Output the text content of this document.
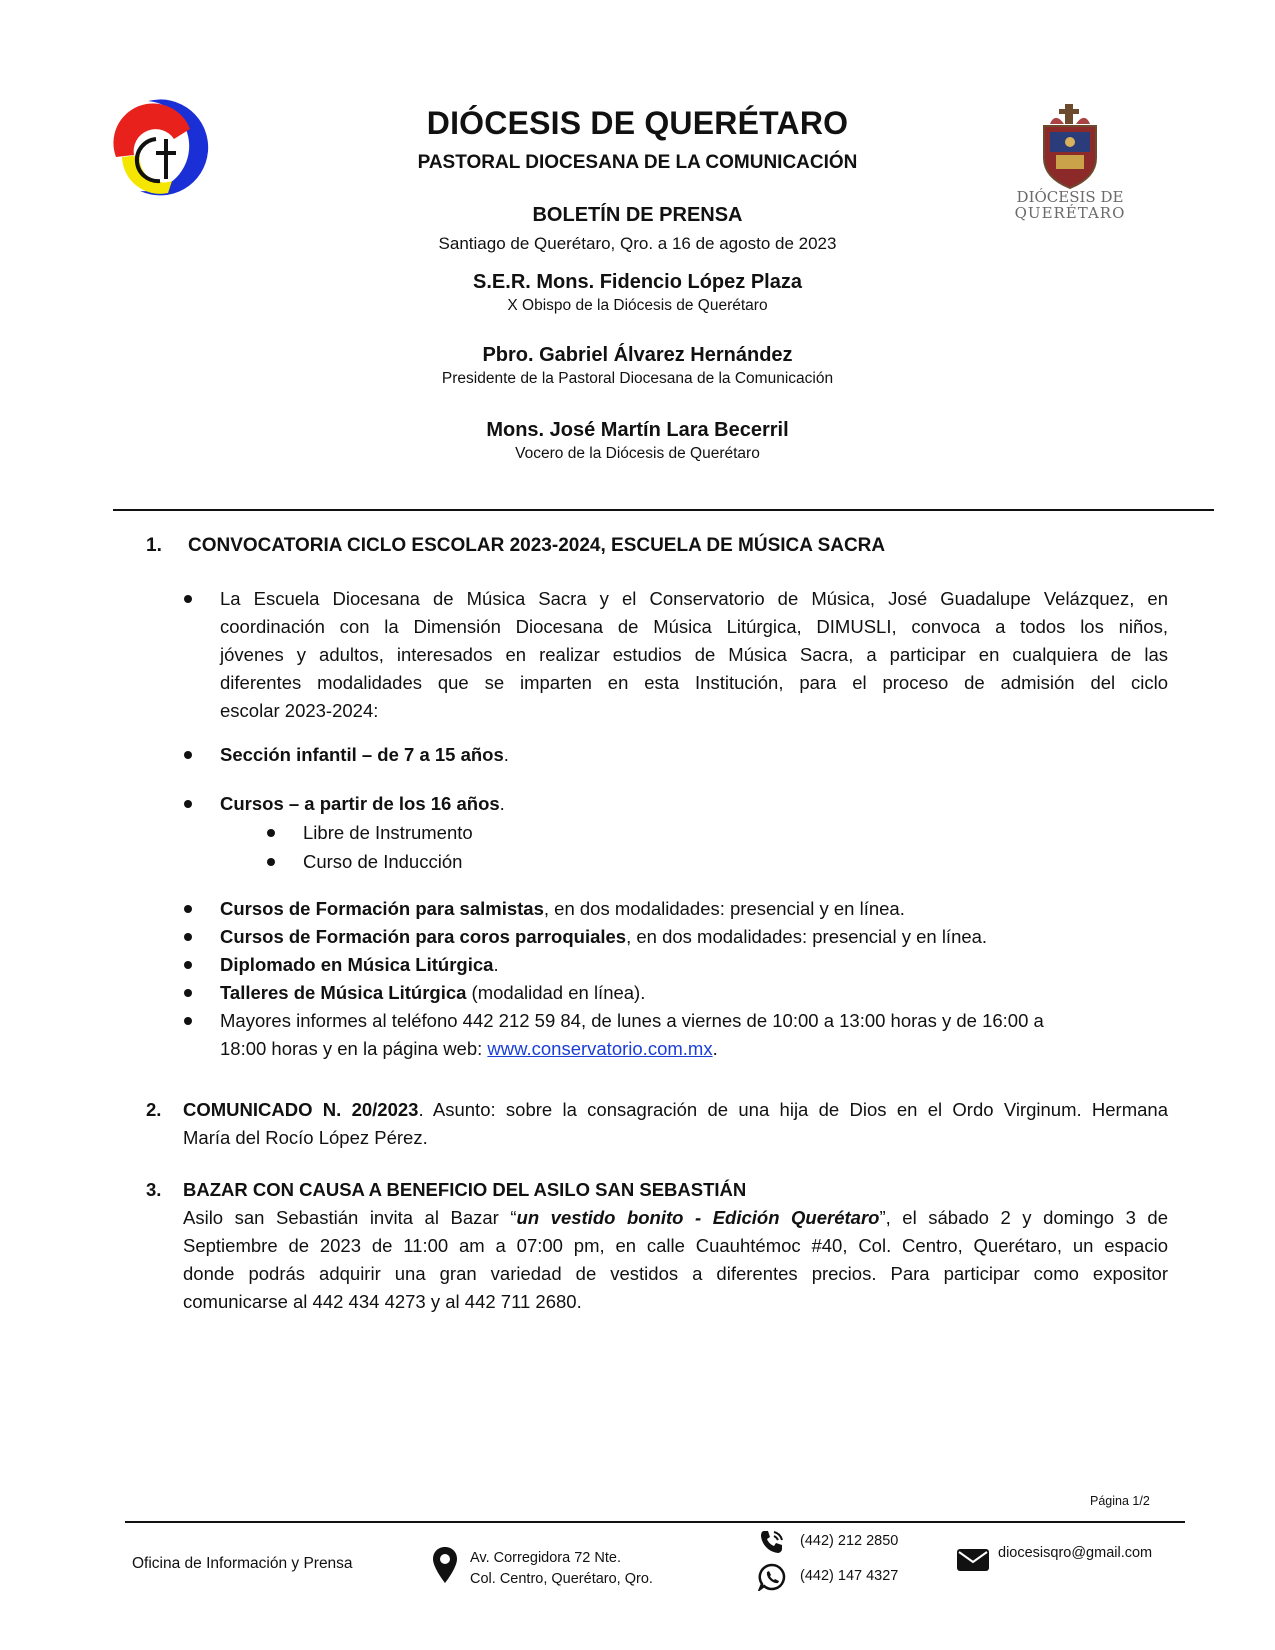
DIÓCESIS DE QUERÉTARO
PASTORAL DIOCESANA DE LA COMUNICACIÓN
DIÓCESIS DE
QUERÉTARO
BOLETÍN DE PRENSA
Santiago de Querétaro, Qro. a 16 de agosto de 2023
S.E.R. Mons. Fidencio López Plaza
X Obispo de la Diócesis de Querétaro
Pbro. Gabriel Álvarez Hernández
Presidente de la Pastoral Diocesana de la Comunicación
Mons. José Martín Lara Becerril
Vocero de la Diócesis de Querétaro
1. CONVOCATORIA CICLO ESCOLAR 2023-2024, ESCUELA DE MÚSICA SACRA
La Escuela Diocesana de Música Sacra y el Conservatorio de Música, José Guadalupe Velázquez, en
coordinación con la Dimensión Diocesana de Música Litúrgica, DIMUSLI, convoca a todos los niños,
jóvenes y adultos, interesados en realizar estudios de Música Sacra, a participar en cualquiera de las
diferentes modalidades que se imparten en esta Institución, para el proceso de admisión del ciclo
escolar 2023-2024:
Sección infantil – de 7 a 15 años.
Cursos – a partir de los 16 años.
Libre de Instrumento
Curso de Inducción
Cursos de Formación para salmistas, en dos modalidades: presencial y en línea.
Cursos de Formación para coros parroquiales, en dos modalidades: presencial y en línea.
Diplomado en Música Litúrgica.
Talleres de Música Litúrgica (modalidad en línea).
Mayores informes al teléfono 442 212 59 84, de lunes a viernes de 10:00 a 13:00 horas y de 16:00 a
18:00 horas y en la página web: www.conservatorio.com.mx.
2. COMUNICADO N. 20/2023. Asunto: sobre la consagración de una hija de Dios en el Ordo Virginum. Hermana
María del Rocío López Pérez.
3. BAZAR CON CAUSA A BENEFICIO DEL ASILO SAN SEBASTIÁN
Asilo san Sebastián invita al Bazar “un vestido bonito - Edición Querétaro”, el sábado 2 y domingo 3 de
Septiembre de 2023 de 11:00 am a 07:00 pm, en calle Cuauhtémoc #40, Col. Centro, Querétaro, un espacio
donde podrás adquirir una gran variedad de vestidos a diferentes precios. Para participar como expositor
comunicarse al 442 434 4273 y al 442 711 2680.
Página 1/2
Oficina de Información y Prensa	Av. Corregidora 72 Nte.
Col. Centro, Querétaro, Qro.
(442) 212 2850
(442) 147 4327
diocesisqro@gmail.com
